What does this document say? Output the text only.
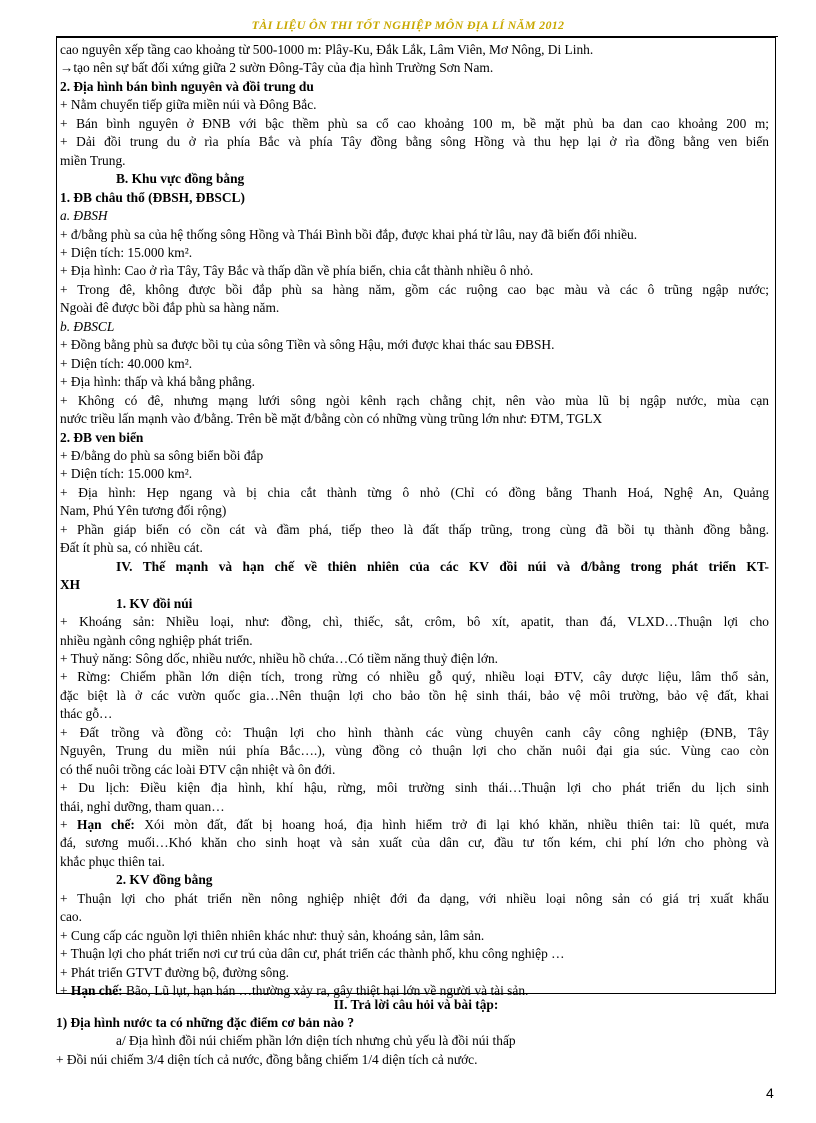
TÀI LIỆU ÔN THI TỐT NGHIỆP MÔN ĐỊA LÍ NĂM 2012
cao nguyên xếp tầng cao khoảng từ 500-1000 m: Plây-Ku, Đắk Lắk, Lâm Viên, Mơ Nông, Di Linh.
→tạo nên sự bất đối xứng giữa 2 sườn Đông-Tây của địa hình Trường Sơn Nam.
2. Địa hình bán bình nguyên và đồi trung du
+ Nằm chuyển tiếp giữa miền núi và Đông Bắc.
+ Bán bình nguyên ở ĐNB với bậc thềm phù sa cổ cao khoảng 100 m, bề mặt phủ ba dan cao khoảng 200 m;
+ Dải đồi trung du ở rìa phía Bắc và phía Tây đồng bằng sông Hồng và thu hẹp lại ở rìa đồng bằng ven biển
miền Trung.
B. Khu vực đồng bằng
1. ĐB châu thổ (ĐBSH, ĐBSCL)
a. ĐBSH
+ đ/bằng phù sa của hệ thống sông Hồng và Thái Bình bồi đắp, được khai phá từ lâu, nay đã biến đổi nhiều.
+ Diện tích: 15.000 km².
+ Địa hình: Cao ở rìa Tây, Tây Bắc và thấp dần về phía biển, chia cắt thành nhiều ô nhỏ.
+ Trong đê, không được bồi đắp phù sa hàng năm, gồm các ruộng cao bạc màu và các ô trũng ngập nước;
Ngoài đê được bồi đắp phù sa hàng năm.
b. ĐBSCL
+ Đồng bằng phù sa được bồi tụ của sông Tiền và sông Hậu, mới được khai thác sau ĐBSH.
+ Diện tích: 40.000 km².
+ Địa hình: thấp và khá bằng phẳng.
+ Không có đê, nhưng mạng lưới sông ngòi kênh rạch chằng chịt, nên vào mùa lũ bị ngập nước, mùa cạn
nước triều lấn mạnh vào đ/bằng. Trên bề mặt đ/bằng còn có những vùng trũng lớn như: ĐTM, TGLX
2. ĐB ven biển
+ Đ/bằng do phù sa sông biển bồi đắp
+ Diện tích: 15.000 km².
+ Địa hình: Hẹp ngang và bị chia cắt thành từng ô nhỏ (Chỉ có đồng bằng Thanh Hoá, Nghệ An, Quảng
Nam, Phú Yên tương đối rộng)
+ Phần giáp biển có cồn cát và đầm phá, tiếp theo là đất thấp trũng, trong cùng đã bồi tụ thành đồng bằng.
Đất ít phù sa, có nhiều cát.
IV. Thế mạnh và hạn chế về thiên nhiên của các KV đồi núi và đ/bằng trong phát triển KT-
XH
1. KV đồi núi
+ Khoáng sản: Nhiều loại, như: đồng, chì, thiếc, sắt, crôm, bô xít, apatit, than đá, VLXD…Thuận lợi cho
nhiều ngành công nghiệp phát triển.
+ Thuỷ năng: Sông dốc, nhiều nước, nhiều hồ chứa…Có tiềm năng thuỷ điện lớn.
+ Rừng: Chiếm phần lớn diện tích, trong rừng có nhiều gỗ quý, nhiều loại ĐTV, cây dược liệu, lâm thổ sản,
đặc biệt là ở các vườn quốc gia…Nên thuận lợi cho bảo tồn hệ sinh thái, bảo vệ môi trường, bảo vệ đất, khai
thác gỗ…
+ Đất trồng và đồng cỏ: Thuận lợi cho hình thành các vùng chuyên canh cây công nghiệp (ĐNB, Tây
Nguyên, Trung du miền núi phía Bắc….), vùng đồng cỏ thuận lợi cho chăn nuôi đại gia súc. Vùng cao còn
có thể nuôi trồng các loài ĐTV cận nhiệt và ôn đới.
+ Du lịch: Điều kiện địa hình, khí hậu, rừng, môi trường sinh thái…Thuận lợi cho phát triển du lịch sinh
thái, nghỉ dưỡng, tham quan…
+ Hạn chế: Xói mòn đất, đất bị hoang hoá, địa hình hiểm trở đi lại khó khăn, nhiều thiên tai: lũ quét, mưa
đá, sương muối…Khó khăn cho sinh hoạt và sản xuất của dân cư, đầu tư tốn kém, chi phí lớn cho phòng và
khắc phục thiên tai.
2. KV đồng bằng
+ Thuận lợi cho phát triển nền nông nghiệp nhiệt đới đa dạng, với nhiều loại nông sản có giá trị xuất khẩu
cao.
+ Cung cấp các nguồn lợi thiên nhiên khác như: thuỷ sản, khoáng sản, lâm sản.
+ Thuận lợi cho phát triển nơi cư trú của dân cư, phát triển các thành phố, khu công nghiệp …
+ Phát triển GTVT đường bộ, đường sông.
+ Hạn chế: Bão, Lũ lụt, hạn hán …thường xảy ra, gây thiệt hại lớn về người và tài sản.
II. Trả lời câu hỏi và bài tập:
1) Địa hình nước ta có những đặc điểm cơ bản nào ?
a/ Địa hình đồi núi chiếm phần lớn diện tích nhưng chủ yếu là đồi núi thấp
+ Đồi núi chiếm 3/4 diện tích cả nước, đồng bằng chiếm 1/4 diện tích cả nước.
4
